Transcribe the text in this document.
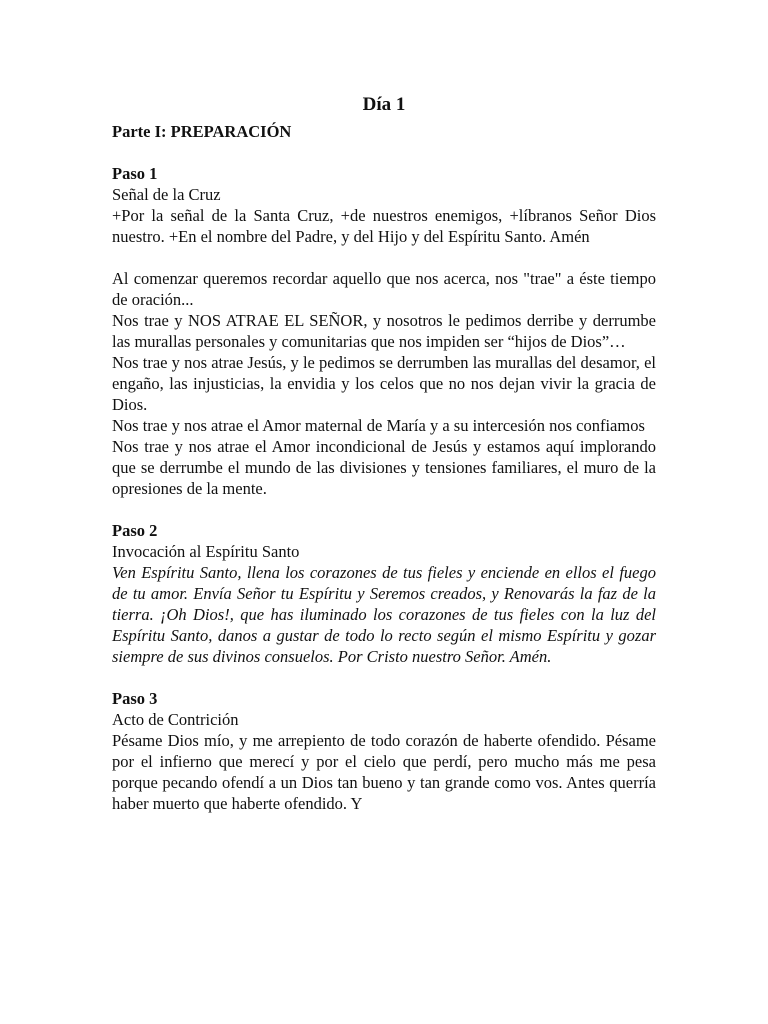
Día 1

Parte I: PREPARACIÓN

Paso 1

Señal de la Cruz

+Por la señal de la Santa Cruz, +de nuestros enemigos, +líbranos Señor Dios nuestro. +En el nombre del Padre, y del Hijo y del Espíritu Santo. Amén

Al comenzar queremos recordar aquello que nos acerca, nos "trae" a éste tiempo de oración...

Nos trae y NOS ATRAE EL SEÑOR, y nosotros le pedimos derribe y derrumbe las murallas personales y comunitarias que nos impiden ser “hijos de Dios”…

Nos trae y nos atrae Jesús, y le pedimos se derrumben las murallas del desamor, el engaño, las injusticias, la envidia y los celos que no nos dejan vivir la gracia de Dios.

Nos trae y nos atrae el Amor maternal de María y a su intercesión nos confiamos

Nos trae y nos atrae el Amor incondicional de Jesús y estamos aquí implorando que se derrumbe el mundo de las divisiones y tensiones familiares, el muro de la opresiones de la mente.

Paso 2

Invocación al Espíritu Santo

Ven Espíritu Santo, llena los corazones de tus fieles y enciende en ellos el fuego de tu amor. Envía Señor tu Espíritu y Seremos creados, y Renovarás la faz de la tierra. ¡Oh Dios!, que has iluminado los corazones de tus fieles con la luz del Espíritu Santo, danos a gustar de todo lo recto según el mismo Espíritu y gozar siempre de sus divinos consuelos. Por Cristo nuestro Señor. Amén.

Paso 3

Acto de Contrición

Pésame Dios mío, y me arrepiento de todo corazón de haberte ofendido. Pésame por el infierno que merecí y por el cielo que perdí, pero mucho más me pesa porque pecando ofendí a un Dios tan bueno y tan grande como vos. Antes querría haber muerto que haberte ofendido. Y
